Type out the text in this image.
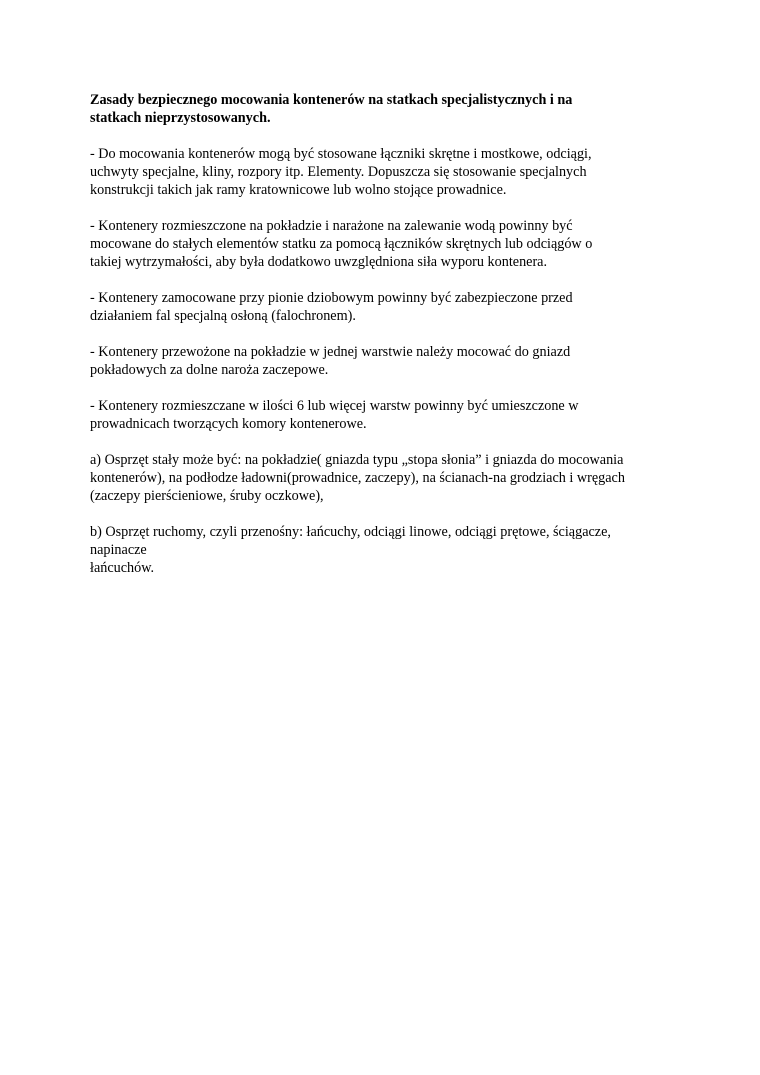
Zasady bezpiecznego mocowania kontenerów na statkach specjalistycznych i na
statkach nieprzystosowanych.
- Do mocowania kontenerów mogą być stosowane łączniki skrętne i mostkowe, odciągi,
uchwyty specjalne, kliny, rozpory itp. Elementy. Dopuszcza się stosowanie specjalnych
konstrukcji takich jak ramy kratownicowe lub wolno stojące prowadnice.
- Kontenery rozmieszczone na pokładzie i narażone na zalewanie wodą powinny być
mocowane do stałych elementów statku za pomocą łączników skrętnych lub odciągów o
takiej wytrzymałości, aby była dodatkowo uwzględniona siła wyporu kontenera.
- Kontenery zamocowane przy pionie dziobowym powinny być zabezpieczone przed
działaniem fal specjalną osłoną (falochronem).
- Kontenery przewożone na pokładzie w jednej warstwie należy mocować do gniazd
pokładowych za dolne naroża zaczepowe.
- Kontenery rozmieszczane w ilości 6 lub więcej warstw powinny być umieszczone w
prowadnicach tworzących komory kontenerowe.
a) Osprzęt stały może być: na pokładzie( gniazda typu „stopa słonia” i gniazda do mocowania
kontenerów), na podłodze ładowni(prowadnice, zaczepy), na ścianach-na grodziach i wręgach
(zaczepy pierścieniowe, śruby oczkowe),
b) Osprzęt ruchomy, czyli przenośny: łańcuchy, odciągi linowe, odciągi prętowe, ściągacze,
napinacze
łańcuchów.
